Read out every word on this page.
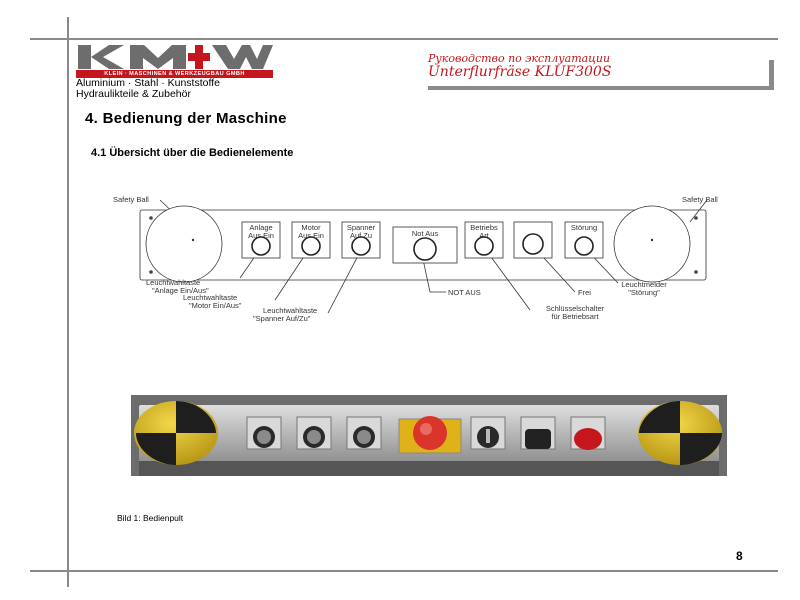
KLEIN · MASCHINEN & WERKZEUGBAU GMBH
Aluminium · Stahl · Kunststoffe
Hydraulikteile & Zubehör
Руководство по эксплуатации
Unterflurfräse KLUF300S
4. Bedienung der Maschine
4.1 Übersicht über die Bedienelemente
Safety Ball	Safety Ball
Anlage
Aus Ein
Motor
Aus Ein
Spanner
Auf Zu	Not Aus
Betriebs
Art
Störung
Leuchtwahltaste
"Anlage Ein/Aus"
Leuchtwahltaste
"Motor Ein/Aus"
Leuchtwahltaste
"Spanner Auf/Zu"
NOT AUS
Schlüsselschalter
für Betriebsart
Frei
Leuchtmelder
"Störung"
Bild 1: Bedienpult
8
